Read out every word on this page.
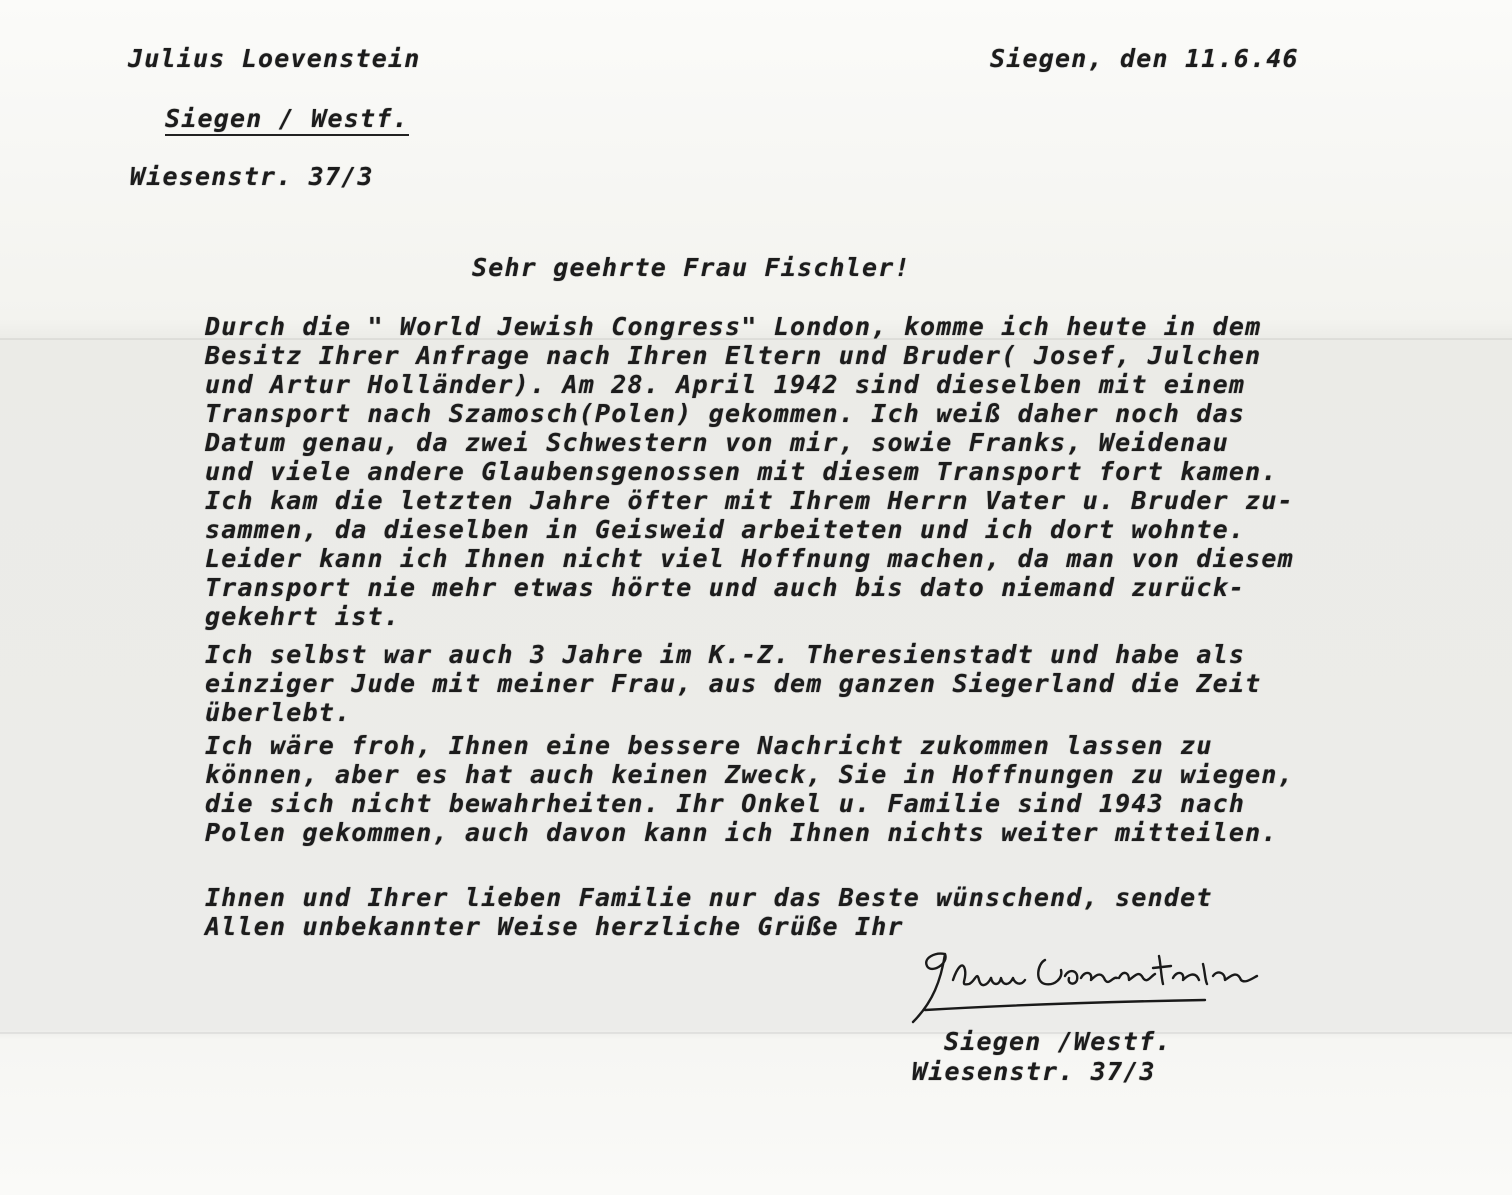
Julius Loevenstein
Siegen / Westf.
Wiesenstr. 37/3
Siegen, den 11.6.46
Sehr geehrte Frau Fischler!
Durch die " World Jewish Congress" London, komme ich heute in dem
Besitz Ihrer Anfrage nach Ihren Eltern und Bruder( Josef, Julchen
und Artur Holländer). Am 28. April 1942 sind dieselben mit einem
Transport nach Szamosch(Polen) gekommen. Ich weiß daher noch das
Datum genau, da zwei Schwestern von mir, sowie Franks, Weidenau
und viele andere Glaubensgenossen mit diesem Transport fort kamen.
Ich kam die letzten Jahre öfter mit Ihrem Herrn Vater u. Bruder zu-
sammen, da dieselben in Geisweid arbeiteten und ich dort wohnte.
Leider kann ich Ihnen nicht viel Hoffnung machen, da man von diesem
Transport nie mehr etwas hörte und auch bis dato niemand zurück-
gekehrt ist.
Ich selbst war auch 3 Jahre im K.-Z. Theresienstadt und habe als
einziger Jude mit meiner Frau, aus dem ganzen Siegerland die Zeit
überlebt.
Ich wäre froh, Ihnen eine bessere Nachricht zukommen lassen zu
können, aber es hat auch keinen Zweck, Sie in Hoffnungen zu wiegen,
die sich nicht bewahrheiten. Ihr Onkel u. Familie sind 1943 nach
Polen gekommen, auch davon kann ich Ihnen nichts weiter mitteilen.
Ihnen und Ihrer lieben Familie nur das Beste wünschend, sendet
Allen unbekannter Weise herzliche Grüße Ihr
Siegen /Westf.
Wiesenstr. 37/3
